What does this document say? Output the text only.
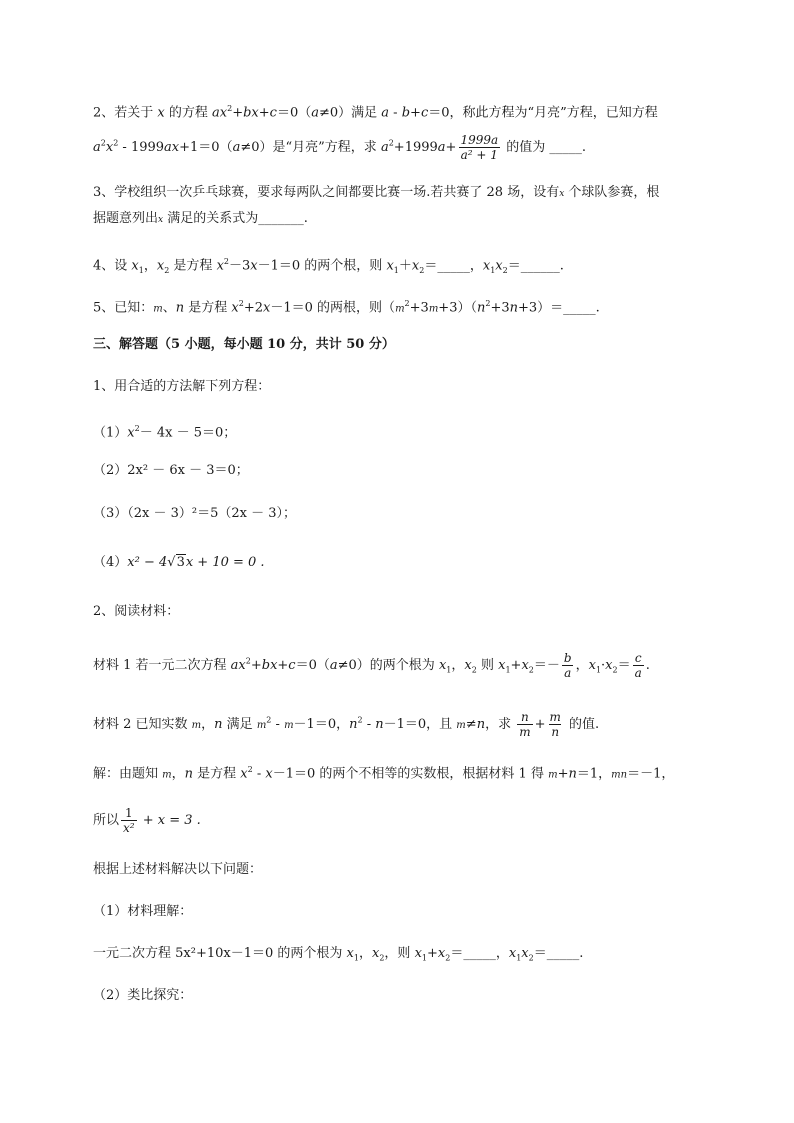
2、若关于 x 的方程 $ax^2+bx+c=0(a\ne 0)$满足 a - b+c＝0，称此方程为“月亮”方程，已知方程
$a^2x^2 - 1999ax+1=0(a\ne 0)$是“月亮”方程，求 $a^2+1999a+ \frac{1999a}{\text{a² + 1}}$ 的值为 _____.
3、学校组织一次乒乓球赛，要求每两队之间都要比赛一场.若共赛了 28 场，设有x 个球队参赛，根
据题意列出x 满足的关系式为_______.
4、设 $x_1$，$x_2$ 是方程 $x^2-3x-1=0$ 的两个根，则 $x_1+x_2=\_\_\_\_\_$，$x_1x_2=\_\_\_\_\_\_$.
5、已知：m、n 是方程 $x^2+2x-1=0$ 的两根，则$(m^2+3m+3)(n^2+3n+3)=\_\_\_\_\_$.
三、解答题（5 小题，每小题 10 分，共计 50 分）
1、用合适的方法解下列方程：
$(1)x^2- 4x - 5=0$；
（2）2x² － 6x － 3＝0；
（3）（2x － 3）²＝5（2x － 3）；
（4）x² − 4√3x + 10 = 0 .
2、阅读材料：
材料 1 若一元二次方程 $ax^2+bx+c=0(a\ne 0)$的两个根为 $x_1$，$x_2$ 则 $x_1+x_2=- \frac{b}{a}$ ，$x_1\cdot x_2= \frac{c}{a}$ .
材料 2 已知实数 m，n 满足 $m^2 - m-1=0$，$n^2 - n-1=0$，且 m≠n，求 $\frac{n}{m} + \frac{m}{n}$ 的值.
解：由题知 m，n 是方程 $x^2 - x-1=0$ 的两个不相等的实数根，根据材料 1 得 m+n＝1，mn＝－1，
所以 $\frac{1}{\text{x²}} + x = 3$ .
根据上述材料解决以下问题：
（1）材料理解：
一元二次方程 5x²+10x－1＝0 的两个根为 $x_1$，$x_2$，则 $x_1+x_2=\_\_\_\_\_$，$x_1x_2=\_\_\_\_\_$.
（2）类比探究：
